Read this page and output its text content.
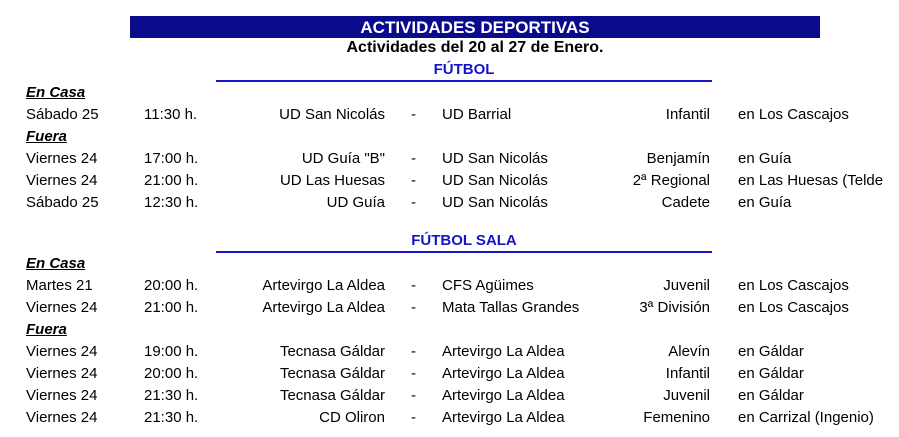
ACTIVIDADES DEPORTIVAS
Actividades del 20 al 27 de Enero.
FÚTBOL
En Casa
Sábado 25	11:30 h.	UD San Nicolás - UD Barrial	Infantil en Los Cascajos
Fuera
Viernes 24	17:00 h.	UD Guía "B" - UD San Nicolás	Benjamín en Guía
Viernes 24	21:00 h.	UD Las Huesas - UD San Nicolás	2ª Regional en Las Huesas (Telde
Sábado 25	12:30 h.	UD Guía - UD San Nicolás	Cadete en Guía
FÚTBOL SALA
En Casa
Martes 21	20:00 h.	Artevirgo La Aldea - CFS Agüimes	Juvenil en Los Cascajos
Viernes 24	21:00 h.	Artevirgo La Aldea - Mata Tallas Grandes	3ª División en Los Cascajos
Fuera
Viernes 24	19:00 h.	Tecnasa Gáldar - Artevirgo La Aldea	Alevín en Gáldar
Viernes 24	20:00 h.	Tecnasa Gáldar - Artevirgo La Aldea	Infantil en Gáldar
Viernes 24	21:30 h.	Tecnasa Gáldar - Artevirgo La Aldea	Juvenil en Gáldar
Viernes 24	21:30 h.	CD Oliron - Artevirgo La Aldea	Femenino en Carrizal (Ingenio)
